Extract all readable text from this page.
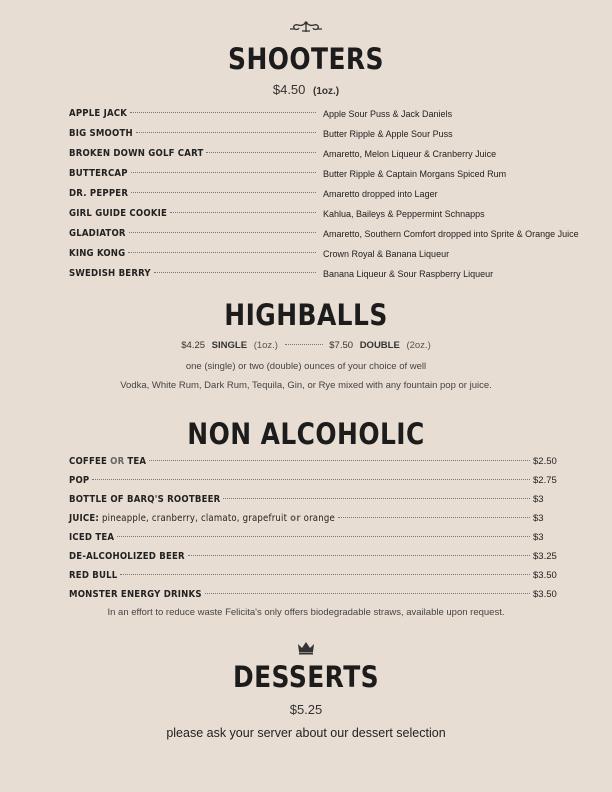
SHOOTERS
$4.50 (1oz.)
APPLE JACK	Apple Sour Puss & Jack Daniels
BIG SMOOTH	Butter Ripple & Apple Sour Puss
BROKEN DOWN GOLF CART	Amaretto, Melon Liqueur & Cranberry Juice
BUTTERCAP	Butter Ripple & Captain Morgans Spiced Rum
DR. PEPPER	Amaretto dropped into Lager
GIRL GUIDE COOKIE	Kahlua, Baileys & Peppermint Schnapps
GLADIATOR	Amaretto, Southern Comfort dropped into Sprite & Orange Juice
KING KONG	Crown Royal & Banana Liqueur
SWEDISH BERRY	Banana Liqueur & Sour Raspberry Liqueur
HIGHBALLS
$4.25 SINGLE (1oz.)	$7.50 DOUBLE (2oz.)
one (single) or two (double) ounces of your choice of well
Vodka, White Rum, Dark Rum, Tequila, Gin, or Rye mixed with any fountain pop or juice.
NON ALCOHOLIC
COFFEE OR TEA	$2.50
POP	$2.75
BOTTLE OF BARQ'S ROOTBEER	$3
JUICE: pineapple, cranberry, clamato, grapefruit or orange	$3
ICED TEA	$3
DE-ALCOHOLIZED BEER	$3.25
RED BULL	$3.50
MONSTER ENERGY DRINKS	$3.50
In an effort to reduce waste Felicita's only offers biodegradable straws, available upon request.
DESSERTS
$5.25
please ask your server about our dessert selection
